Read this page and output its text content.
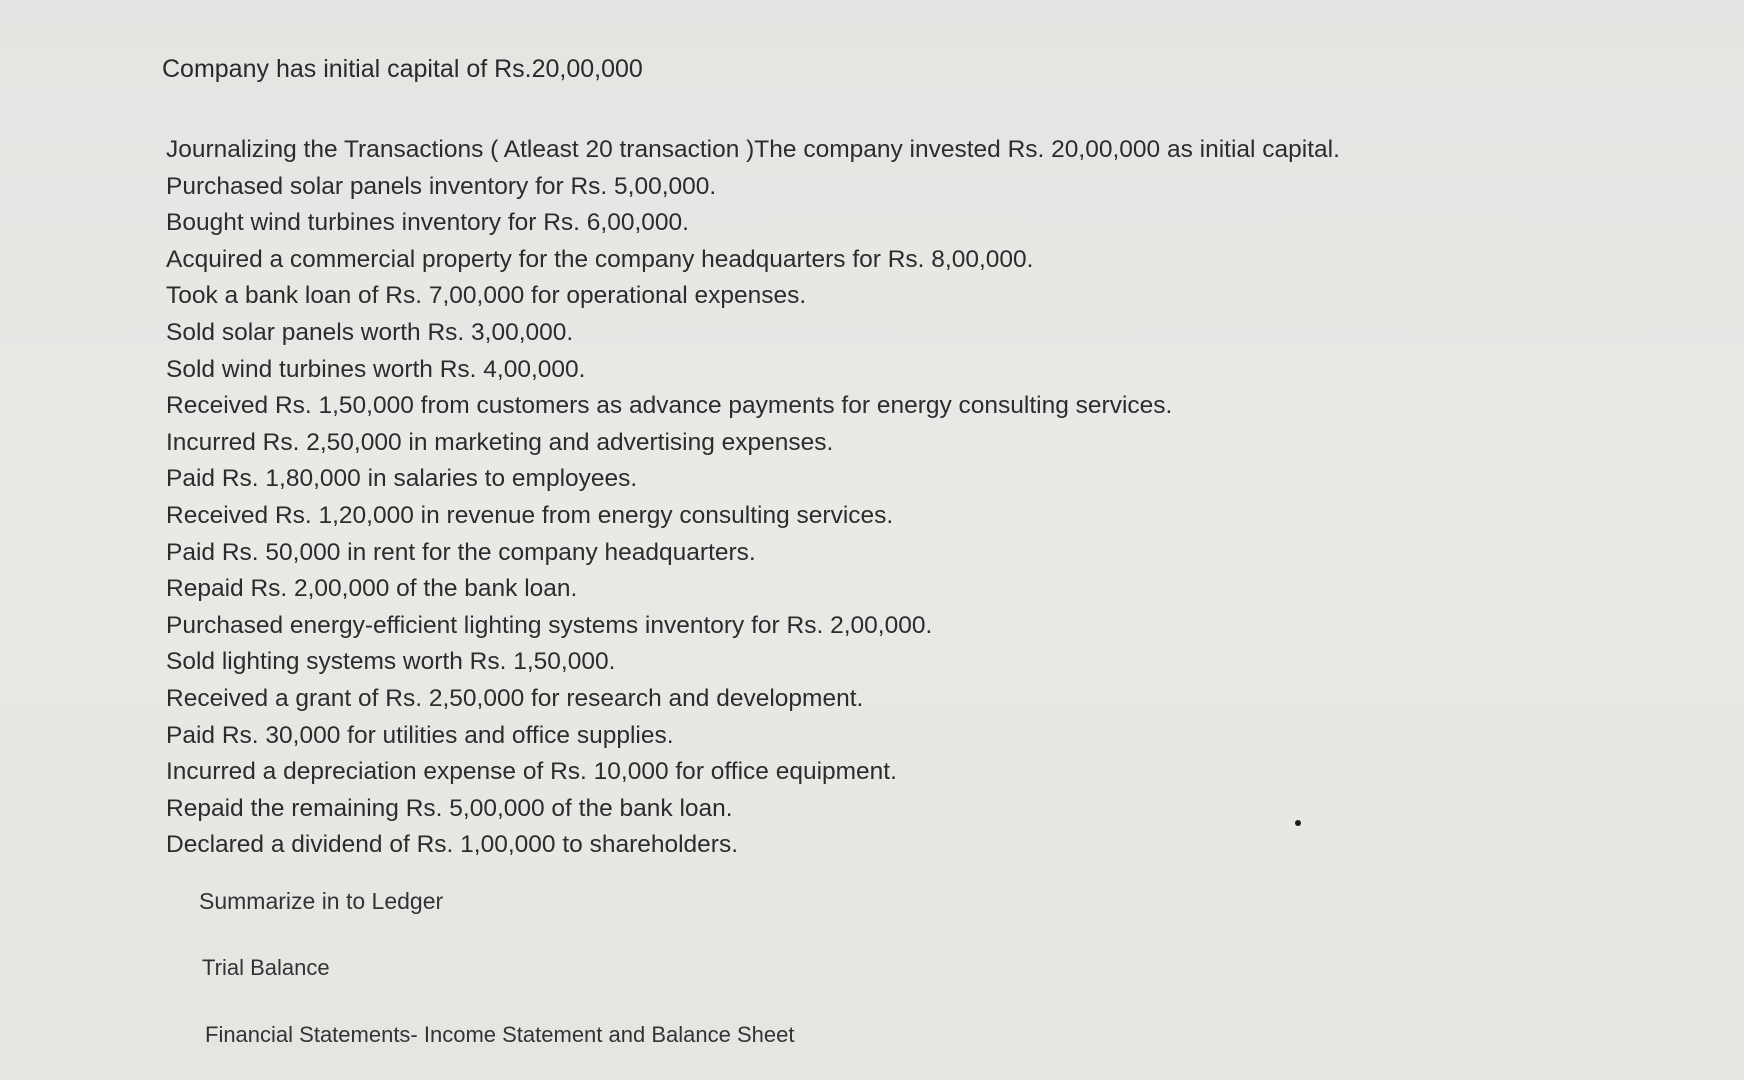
Company has initial capital of Rs.20,00,000
Journalizing the Transactions ( Atleast 20 transaction )The company invested Rs. 20,00,000 as initial capital.
Purchased solar panels inventory for Rs. 5,00,000.
Bought wind turbines inventory for Rs. 6,00,000.
Acquired a commercial property for the company headquarters for Rs. 8,00,000.
Took a bank loan of Rs. 7,00,000 for operational expenses.
Sold solar panels worth Rs. 3,00,000.
Sold wind turbines worth Rs. 4,00,000.
Received Rs. 1,50,000 from customers as advance payments for energy consulting services.
Incurred Rs. 2,50,000 in marketing and advertising expenses.
Paid Rs. 1,80,000 in salaries to employees.
Received Rs. 1,20,000 in revenue from energy consulting services.
Paid Rs. 50,000 in rent for the company headquarters.
Repaid Rs. 2,00,000 of the bank loan.
Purchased energy-efficient lighting systems inventory for Rs. 2,00,000.
Sold lighting systems worth Rs. 1,50,000.
Received a grant of Rs. 2,50,000 for research and development.
Paid Rs. 30,000 for utilities and office supplies.
Incurred a depreciation expense of Rs. 10,000 for office equipment.
Repaid the remaining Rs. 5,00,000 of the bank loan.
Declared a dividend of Rs. 1,00,000 to shareholders.
Summarize in to Ledger
Trial Balance
Financial Statements- Income Statement and Balance Sheet
